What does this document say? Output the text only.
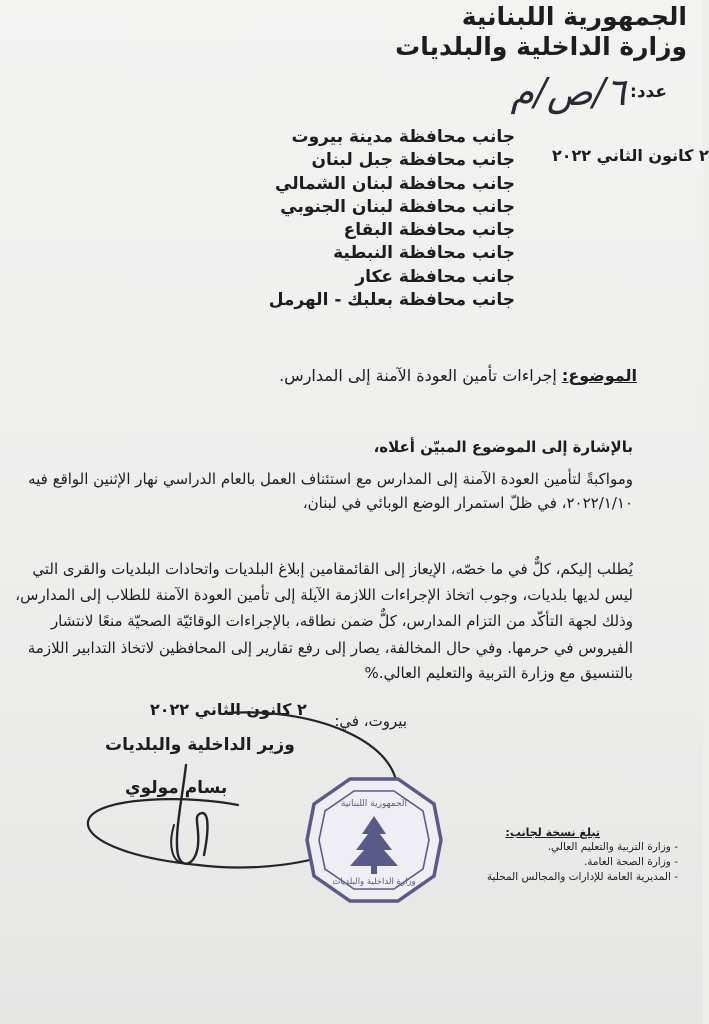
الجمهورية اللبنانية
وزارة الداخلية والبلديات
عدد:
٦/ص/م
٢ كانون الثاني ٢٠٢٢
جانب محافظة مدينة بيروت
جانب محافظة جبل لبنان
جانب محافظة لبنان الشمالي
جانب محافظة لبنان الجنوبي
جانب محافظة البقاع
جانب محافظة النبطية
جانب محافظة عكار
جانب محافظة بعلبك - الهرمل
الموضوع: إجراءات تأمين العودة الآمنة إلى المدارس.
بالإشارة إلى الموضوع المبيّن أعلاه،
ومواكبةً لتأمين العودة الآمنة إلى المدارس مع استئناف العمل بالعام الدراسي نهار الإثنين الواقع فيه
٢٠٢٢/١/١٠، في ظلّ استمرار الوضع الوبائي في لبنان،
يُطلب إليكم، كلٌّ في ما خصّه، الإيعاز إلى القائمقامين إبلاغ البلديات واتحادات البلديات والقرى التي
ليس لديها بلديات، وجوب اتخاذ الإجراءات اللازمة الآيلة إلى تأمين العودة الآمنة للطلاب إلى المدارس،
وذلك لجهة التأكّد من التزام المدارس، كلٌّ ضمن نطاقه، بالإجراءات الوقائيّة الصحيّة منعًا لانتشار
الفيروس في حرمها. وفي حال المخالفة، يصار إلى رفع تقارير إلى المحافظين لاتخاذ التدابير اللازمة
بالتنسيق مع وزارة التربية والتعليم العالي.%
بيروت، في:
٢ كانون الثاني ٢٠٢٢
وزير الداخلية والبلديات
بسام مولوي
الجمهورية اللبنانية
وزارة الداخلية والبلديات
تبلغ نسخة لجانب:
- وزارة التربية والتعليم العالي.
- وزارة الصحة العامة.
- المديرية العامة للإدارات والمجالس المحلية
